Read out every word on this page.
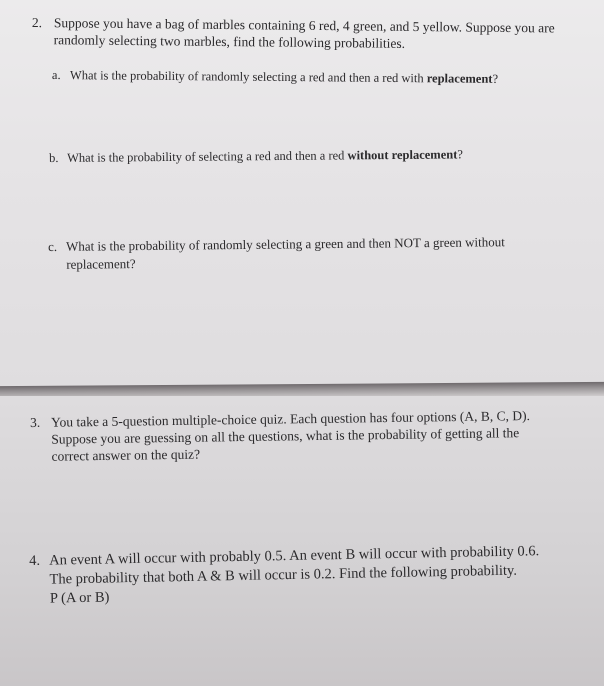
2. Suppose you have a bag of marbles containing 6 red, 4 green, and 5 yellow. Suppose you are
randomly selecting two marbles, find the following probabilities.
a. What is the probability of randomly selecting a red and then a red with replacement?
b. What is the probability of selecting a red and then a red without replacement?
c. What is the probability of randomly selecting a green and then NOT a green without
replacement?
3. You take a 5-question multiple-choice quiz. Each question has four options (A, B, C, D).
Suppose you are guessing on all the questions, what is the probability of getting all the
correct answer on the quiz?
4. An event A will occur with probably 0.5. An event B will occur with probability 0.6.
The probability that both A & B will occur is 0.2. Find the following probability.
P (A or B)
